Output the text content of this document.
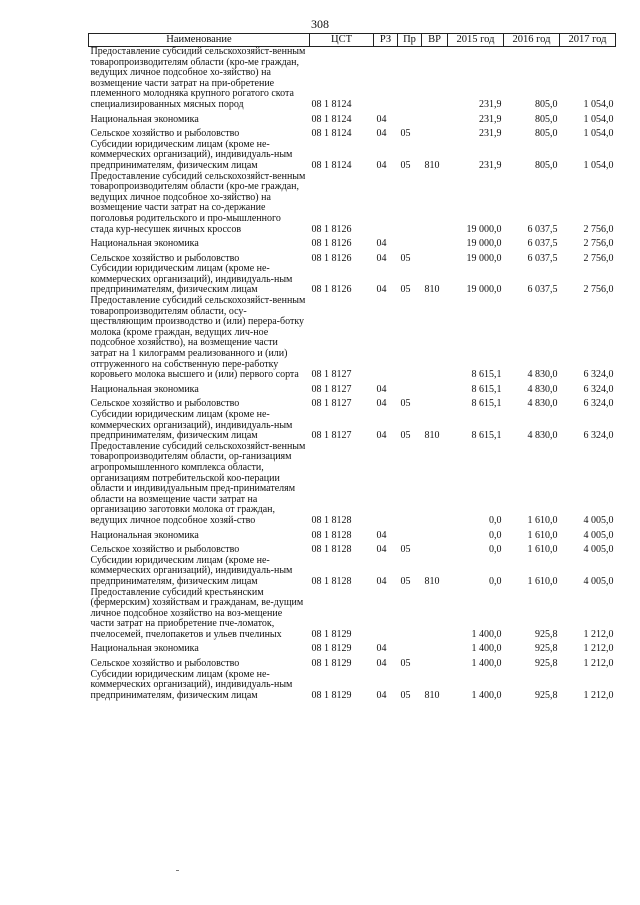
308
Наименование	ЦСТ	РЗ	Пр	ВР	2015 год	2016 год	2017 год
Предоставление субсидий сельскохозяйст-венным товаропроизводителям области (кро-ме граждан, ведущих личное подсобное хо-зяйство) на возмещение части затрат на при-обретение племенного молодняка крупного рогатого скота специализированных мясных пород	08 1 8124				231,9	805,0	1 054,0
Национальная экономика	08 1 8124	04			231,9	805,0	1 054,0
Сельское хозяйство и рыболовство	08 1 8124	04	05		231,9	805,0	1 054,0
Субсидии юридическим лицам (кроме не-коммерческих организаций), индивидуаль-ным предпринимателям, физическим лицам	08 1 8124	04	05	810	231,9	805,0	1 054,0
Предоставление субсидий сельскохозяйст-венным товаропроизводителям области (кро-ме граждан, ведущих личное подсобное хо-зяйство) на возмещение части затрат на со-держание поголовья родительского и про-мышленного стада кур-несушек яичных кроссов	08 1 8126				19 000,0	6 037,5	2 756,0
Национальная экономика	08 1 8126	04			19 000,0	6 037,5	2 756,0
Сельское хозяйство и рыболовство	08 1 8126	04	05		19 000,0	6 037,5	2 756,0
Субсидии юридическим лицам (кроме не-коммерческих организаций), индивидуаль-ным предпринимателям, физическим лицам	08 1 8126	04	05	810	19 000,0	6 037,5	2 756,0
Предоставление субсидий сельскохозяйст-венным товаропроизводителям области, осу-ществляющим производство и (или) перера-ботку молока (кроме граждан, ведущих лич-ное подсобное хозяйство), на возмещение части затрат на 1 килограмм реализованного и (или) отгруженного на собственную пере-работку коровьего молока высшего и (или) первого сорта	08 1 8127				8 615,1	4 830,0	6 324,0
Национальная экономика	08 1 8127	04			8 615,1	4 830,0	6 324,0
Сельское хозяйство и рыболовство	08 1 8127	04	05		8 615,1	4 830,0	6 324,0
Субсидии юридическим лицам (кроме не-коммерческих организаций), индивидуаль-ным предпринимателям, физическим лицам	08 1 8127	04	05	810	8 615,1	4 830,0	6 324,0
Предоставление субсидий сельскохозяйст-венным товаропроизводителям области, ор-ганизациям агропромышленного комплекса области, организациям потребительской коо-перации области и индивидуальным пред-принимателям области на возмещение части затрат на организацию заготовки молока от граждан, ведущих личное подсобное хозяй-ство	08 1 8128				0,0	1 610,0	4 005,0
Национальная экономика	08 1 8128	04			0,0	1 610,0	4 005,0
Сельское хозяйство и рыболовство	08 1 8128	04	05		0,0	1 610,0	4 005,0
Субсидии юридическим лицам (кроме не-коммерческих организаций), индивидуаль-ным предпринимателям, физическим лицам	08 1 8128	04	05	810	0,0	1 610,0	4 005,0
Предоставление субсидий крестьянским (фермерским) хозяйствам и гражданам, ве-дущим личное подсобное хозяйство на воз-мещение части затрат на приобретение пче-ломаток, пчелосемей, пчелопакетов и ульев пчелиных	08 1 8129				1 400,0	925,8	1 212,0
Национальная экономика	08 1 8129	04			1 400,0	925,8	1 212,0
Сельское хозяйство и рыболовство	08 1 8129	04	05		1 400,0	925,8	1 212,0
Субсидии юридическим лицам (кроме не-коммерческих организаций), индивидуаль-ным предпринимателям, физическим лицам	08 1 8129	04	05	810	1 400,0	925,8	1 212,0
